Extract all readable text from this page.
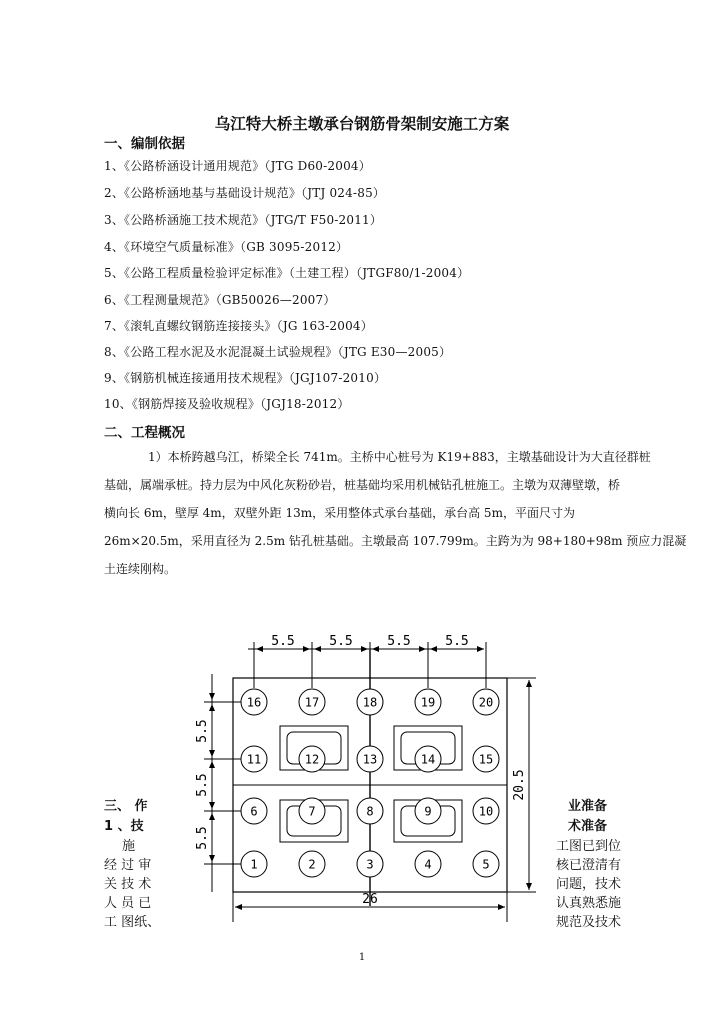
乌江特大桥主墩承台钢筋骨架制安施工方案
一、编制依据
1、《公路桥涵设计通用规范》（JTG D60-2004）
2、《公路桥涵地基与基础设计规范》（JTJ 024-85）
3、《公路桥涵施工技术规范》（JTG/T F50-2011）
4、《环境空气质量标准》（GB 3095-2012）
5、《公路工程质量检验评定标准》（土建工程）（JTGF80/1-2004）
6、《工程测量规范》（GB50026—2007）
7、《滚轧直螺纹钢筋连接接头》（JG 163-2004）
8、《公路工程水泥及水泥混凝土试验规程》（JTG E30—2005）
9、《钢筋机械连接通用技术规程》（JGJ107-2010）
10、《钢筋焊接及验收规程》（JGJ18-2012）
二、工程概况
1）本桥跨越乌江，桥梁全长 741m。主桥中心桩号为 K19+883，主墩基础设计为大直径群桩
基础，属端承桩。持力层为中风化灰粉砂岩，桩基础均采用机械钻孔桩施工。主墩为双薄壁墩，桥
横向长 6m，壁厚 4m，双壁外距 13m，采用整体式承台基础，承台高 5m，平面尺寸为
26m×20.5m，采用直径为 2.5m 钻孔桩基础。主墩最高 107.799m。主跨为为 98+180+98m 预应力混凝
土连续刚构。
三、 作
1 、技
施
经 过 审
关 技 术
人 员 已
工 图纸、
业准备
术准备
工图已到位
核已澄清有
问题，技术
认真熟悉施
规范及技术
5.5	5.5	5.5	5.5
5.5
5.5
5.5
20.5
26
16	17	18	19	20
11	12	13	14	15
6	7	8	9	10
1	2	3	4	5
1
